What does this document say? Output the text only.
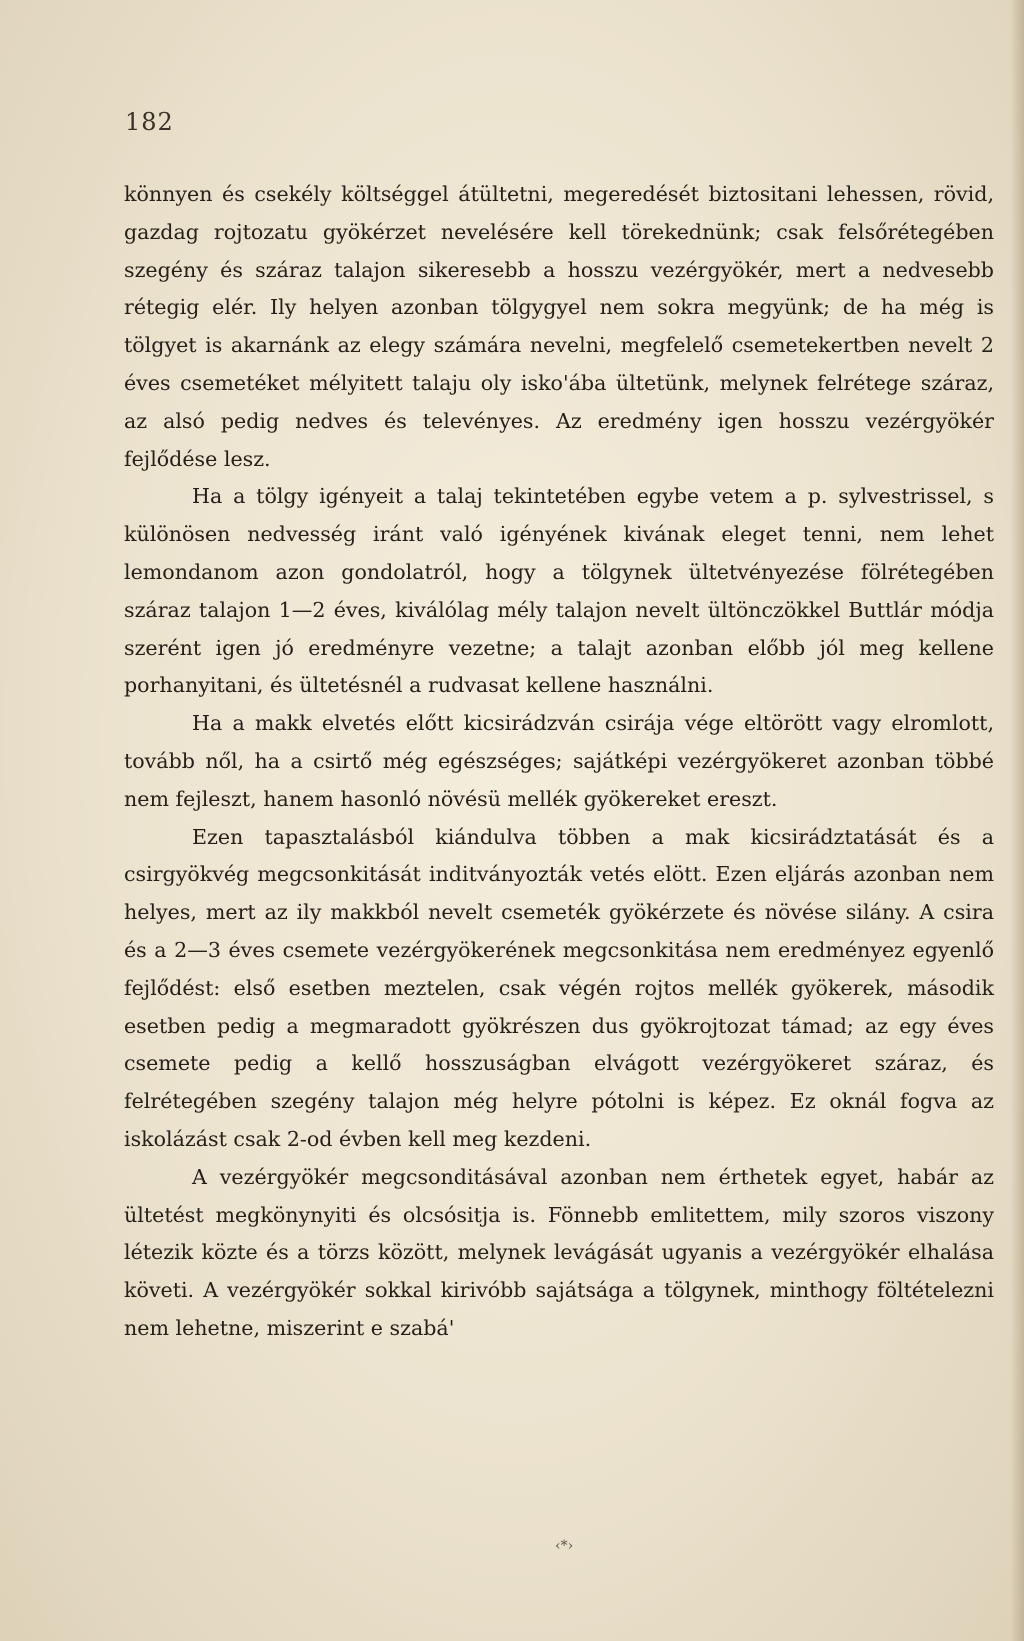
182

könnyen és csekély költséggel átültetni, megeredését biztositani lehessen, rövid, gazdag rojtozatu gyökérzet nevelésére kell törekednünk; csak felsőrétegében szegény és száraz talajon sikeresebb a hosszu vezérgyökér, mert a nedvesebb rétegig elér. Ily helyen azonban tölgygyel nem sokra megyünk; de ha még is tölgyet is akarnánk az elegy számára nevelni, megfelelő csemetekertben nevelt 2 éves csemetéket mélyitett talaju oly isko'ába ültetünk, melynek felrétege száraz, az alsó pedig nedves és televényes. Az eredmény igen hosszu vezérgyökér fejlődése lesz.

Ha a tölgy igényeit a talaj tekintetében egybe vetem a p. sylvestrissel, s különösen nedvesség iránt való igényének kivának eleget tenni, nem lehet lemondanom azon gondolatról, hogy a tölgynek ültetvényezése fölrétegében száraz talajon 1—2 éves, kiválólag mély talajon nevelt ültönczökkel Buttlár módja szerént igen jó eredményre vezetne; a talajt azonban előbb jól meg kellene porhanyitani, és ültetésnél a rudvasat kellene használni.

Ha a makk elvetés előtt kicsirádzván csirája vége eltörött vagy elromlott, tovább nől, ha a csirtő még egészséges; sajátképi vezérgyökeret azonban többé nem fejleszt, hanem hasonló növésü mellék gyökereket ereszt.

Ezen tapasztalásból kiándulva többen a mak kicsirádztatását és a csirgyökvég megcsonkitását inditványozták vetés elött. Ezen eljárás azonban nem helyes, mert az ily makkból nevelt csemeték gyökérzete és növése silány. A csira és a 2—3 éves csemete vezérgyökerének megcsonkitása nem eredményez egyenlő fejlődést: első esetben meztelen, csak végén rojtos mellék gyökerek, második esetben pedig a megmaradott gyökrészen dus gyökrojtozat támad; az egy éves csemete pedig a kellő hosszuságban elvágott vezérgyökeret száraz, és felrétegében szegény talajon még helyre pótolni is képez. Ez oknál fogva az iskolázást csak 2-od évben kell meg kezdeni.

A vezérgyökér megcsonditásával azonban nem érthetek egyet, habár az ültetést megkönynyiti és olcsósitja is. Fönnebb emlitettem, mily szoros viszony létezik közte és a törzs között, melynek levágását ugyanis a vezérgyökér elhalása követi. A vezérgyökér sokkal kirivóbb sajátsága a tölgynek, minthogy föltételezni nem lehetne, miszerint e szabá'

‹*›
